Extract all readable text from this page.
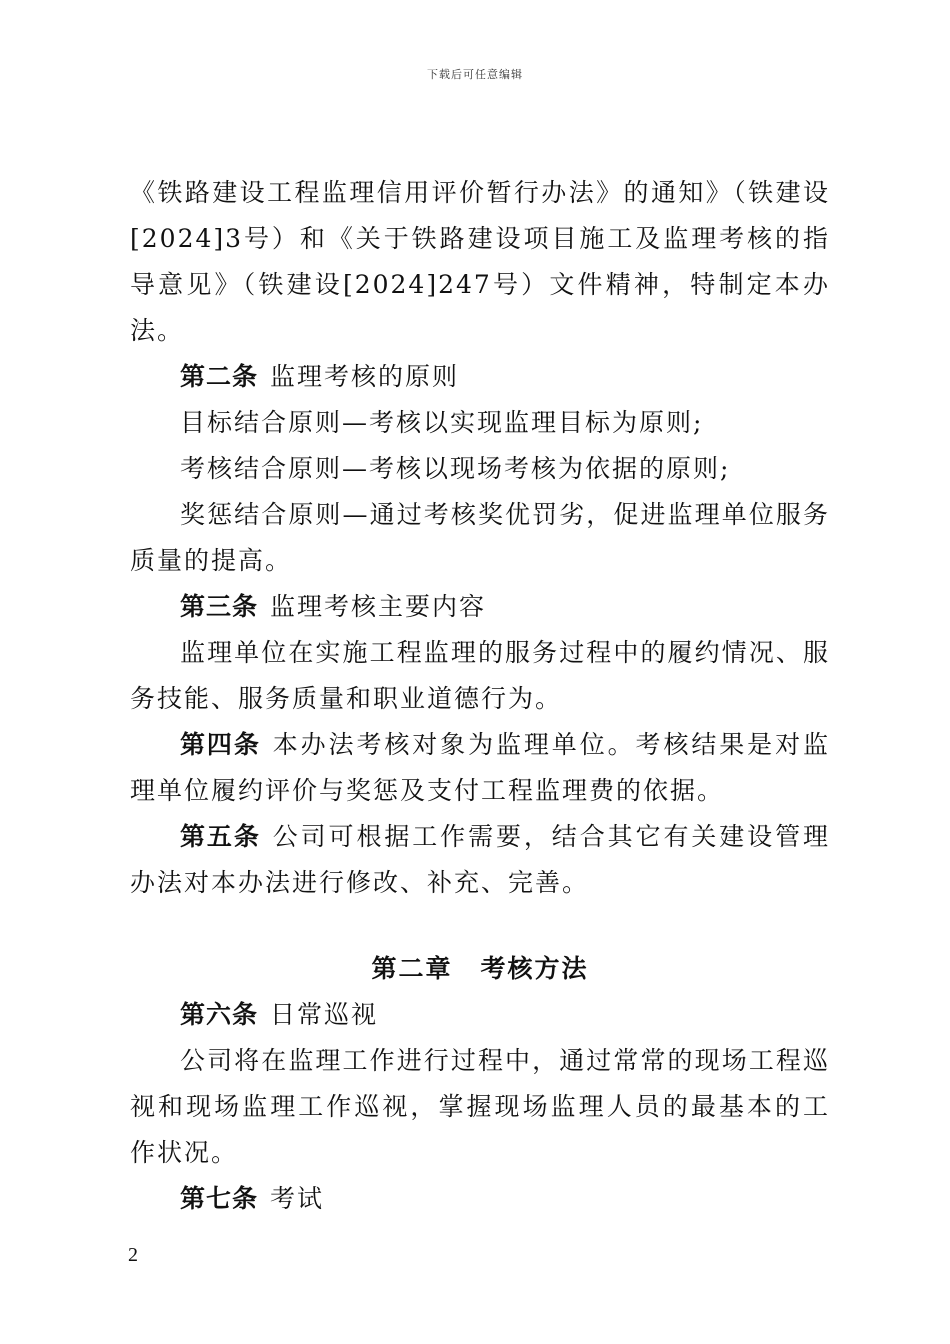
下载后可任意编辑

《铁路建设工程监理信用评价暂行办法》的通知》（铁建设[2024]3号）和《关于铁路建设项目施工及监理考核的指导意见》（铁建设[2024]247号）文件精神，特制定本办法。

第二条 监理考核的原则

目标结合原则—考核以实现监理目标为原则;

考核结合原则—考核以现场考核为依据的原则;

奖惩结合原则—通过考核奖优罚劣，促进监理单位服务质量的提高。

第三条 监理考核主要内容

监理单位在实施工程监理的服务过程中的履约情况、服务技能、服务质量和职业道德行为。

第四条 本办法考核对象为监理单位。考核结果是对监理单位履约评价与奖惩及支付工程监理费的依据。

第五条 公司可根据工作需要，结合其它有关建设管理办法对本办法进行修改、补充、完善。

第二章 考核方法

第六条 日常巡视

公司将在监理工作进行过程中，通过常常的现场工程巡视和现场监理工作巡视，掌握现场监理人员的最基本的工作状况。

第七条 考试

2
